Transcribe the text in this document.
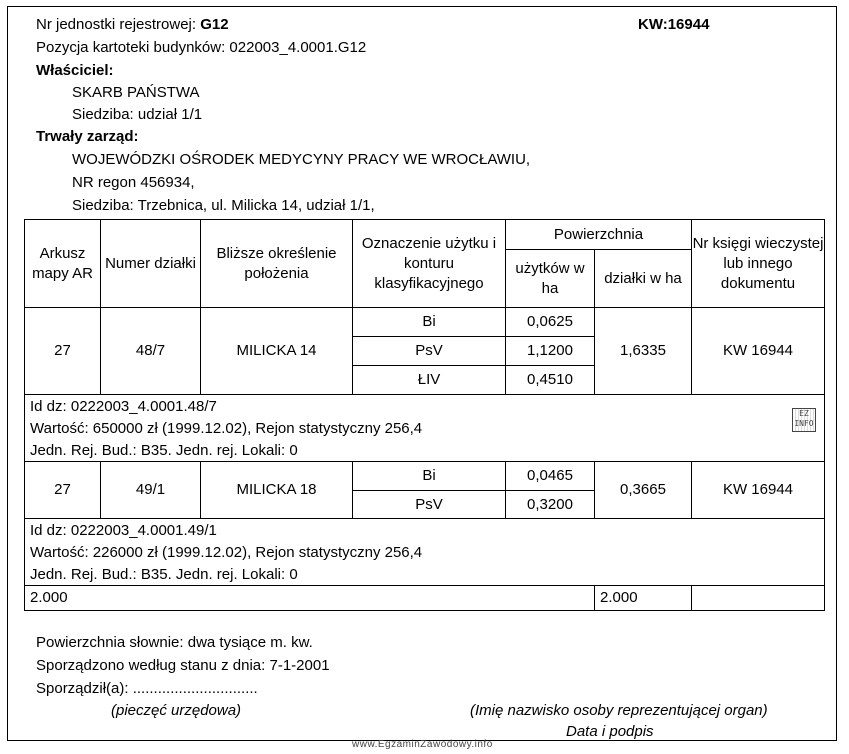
Nr jednostki rejestrowej: G12	KW:16944
Pozycja kartoteki budynków: 022003_4.0001.G12
Właściciel:
SKARB PAŃSTWA
Siedziba: udział 1/1
Trwały zarząd:
WOJEWÓDZKI OŚRODEK MEDYCYNY PRACY WE WROCŁAWIU,
NR regon 456934,
Siedziba: Trzebnica, ul. Milicka 14, udział 1/1,
Arkusz mapy AR	Numer działki	Bliższe określenie położenia	Oznaczenie użytku i konturu klasyfikacyjnego	Powierzchnia		Nr księgi wieczystej lub innego dokumentu
				użytków w ha	działki w ha	
27	48/7	MILICKA 14	Bi	0,0625	1,6335	KW 16944
			PsV	1,1200		
			ŁIV	0,4510		

Id dz: 0222003_4.0001.48/7
Wartość: 650000 zł (1999.12.02), Rejon statystyczny 256,4
Jedn. Rej. Bud.: B35. Jedn. rej. Lokali: 0						

27	49/1	MILICKA 18	Bi	0,0465	0,3665	KW 16944
			PsV	0,3200		

Id dz: 0222003_4.0001.49/1
Wartość: 226000 zł (1999.12.02), Rejon statystyczny 256,4
Jedn. Rej. Bud.: B35. Jedn. rej. Lokali: 0						

2.000					2.000	
EZ INFO
Powierzchnia słownie: dwa tysiące m. kw.
Sporządzono według stanu z dnia: 7-1-2001
Sporządził(a): ..............................
(pieczęć urzędowa)	(Imię nazwisko osoby reprezentującej organ)
Data i podpis
www.EgzaminZawodowy.info
